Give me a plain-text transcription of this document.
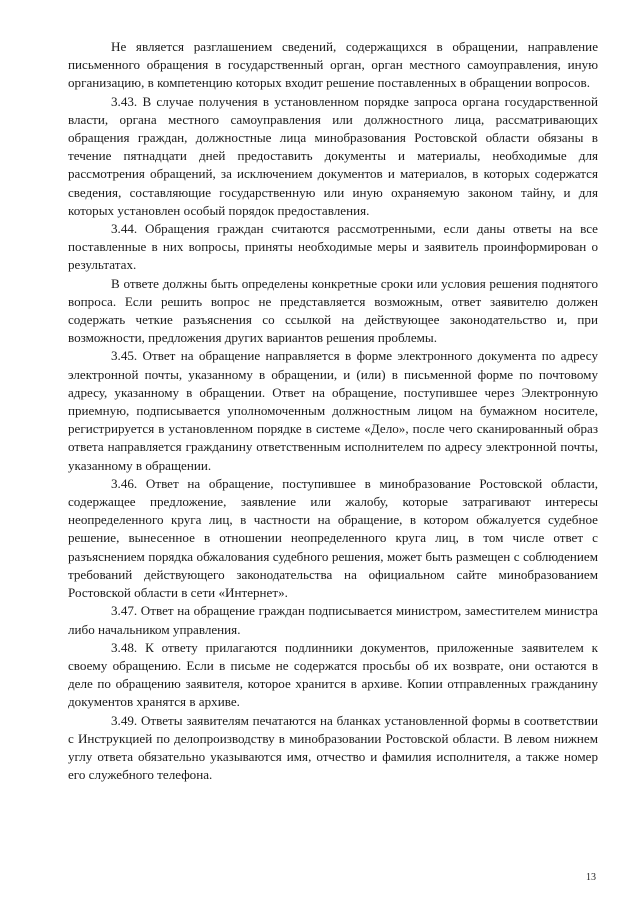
Не является разглашением сведений, содержащихся в обращении, направление письменного обращения в государственный орган, орган местного самоуправления, иную организацию, в компетенцию которых входит решение поставленных в обращении вопросов.

3.43. В случае получения в установленном порядке запроса органа государственной власти, органа местного самоуправления или должностного лица, рассматривающих обращения граждан, должностные лица минобразования Ростовской области обязаны в течение пятнадцати дней предоставить документы и материалы, необходимые для рассмотрения обращений, за исключением документов и материалов, в которых содержатся сведения, составляющие государственную или иную охраняемую законом тайну, и для которых установлен особый порядок предоставления.

3.44. Обращения граждан считаются рассмотренными, если даны ответы на все поставленные в них вопросы, приняты необходимые меры и заявитель проинформирован о результатах.

В ответе должны быть определены конкретные сроки или условия решения поднятого вопроса. Если решить вопрос не представляется возможным, ответ заявителю должен содержать четкие разъяснения со ссылкой на действующее законодательство и, при возможности, предложения других вариантов решения проблемы.

3.45. Ответ на обращение направляется в форме электронного документа по адресу электронной почты, указанному в обращении, и (или) в письменной форме по почтовому адресу, указанному в обращении. Ответ на обращение, поступившее через Электронную приемную, подписывается уполномоченным должностным лицом на бумажном носителе, регистрируется в установленном порядке в системе «Дело», после чего сканированный образ ответа направляется гражданину ответственным исполнителем по адресу электронной почты, указанному в обращении.

3.46. Ответ на обращение, поступившее в минобразование Ростовской области, содержащее предложение, заявление или жалобу, которые затрагивают интересы неопределенного круга лиц, в частности на обращение, в котором обжалуется судебное решение, вынесенное в отношении неопределенного круга лиц, в том числе ответ с разъяснением порядка обжалования судебного решения, может быть размещен с соблюдением требований действующего законодательства на официальном сайте минобразованием Ростовской области в сети «Интернет».

3.47. Ответ на обращение граждан подписывается министром, заместителем министра либо начальником управления.

3.48. К ответу прилагаются подлинники документов, приложенные заявителем к своему обращению. Если в письме не содержатся просьбы об их возврате, они остаются в деле по обращению заявителя, которое хранится в архиве. Копии отправленных гражданину документов хранятся в архиве.

3.49. Ответы заявителям печатаются на бланках установленной формы в соответствии с Инструкцией по делопроизводству в минобразовании Ростовской области. В левом нижнем углу ответа обязательно указываются имя, отчество и фамилия исполнителя, а также номер его служебного телефона.

13
